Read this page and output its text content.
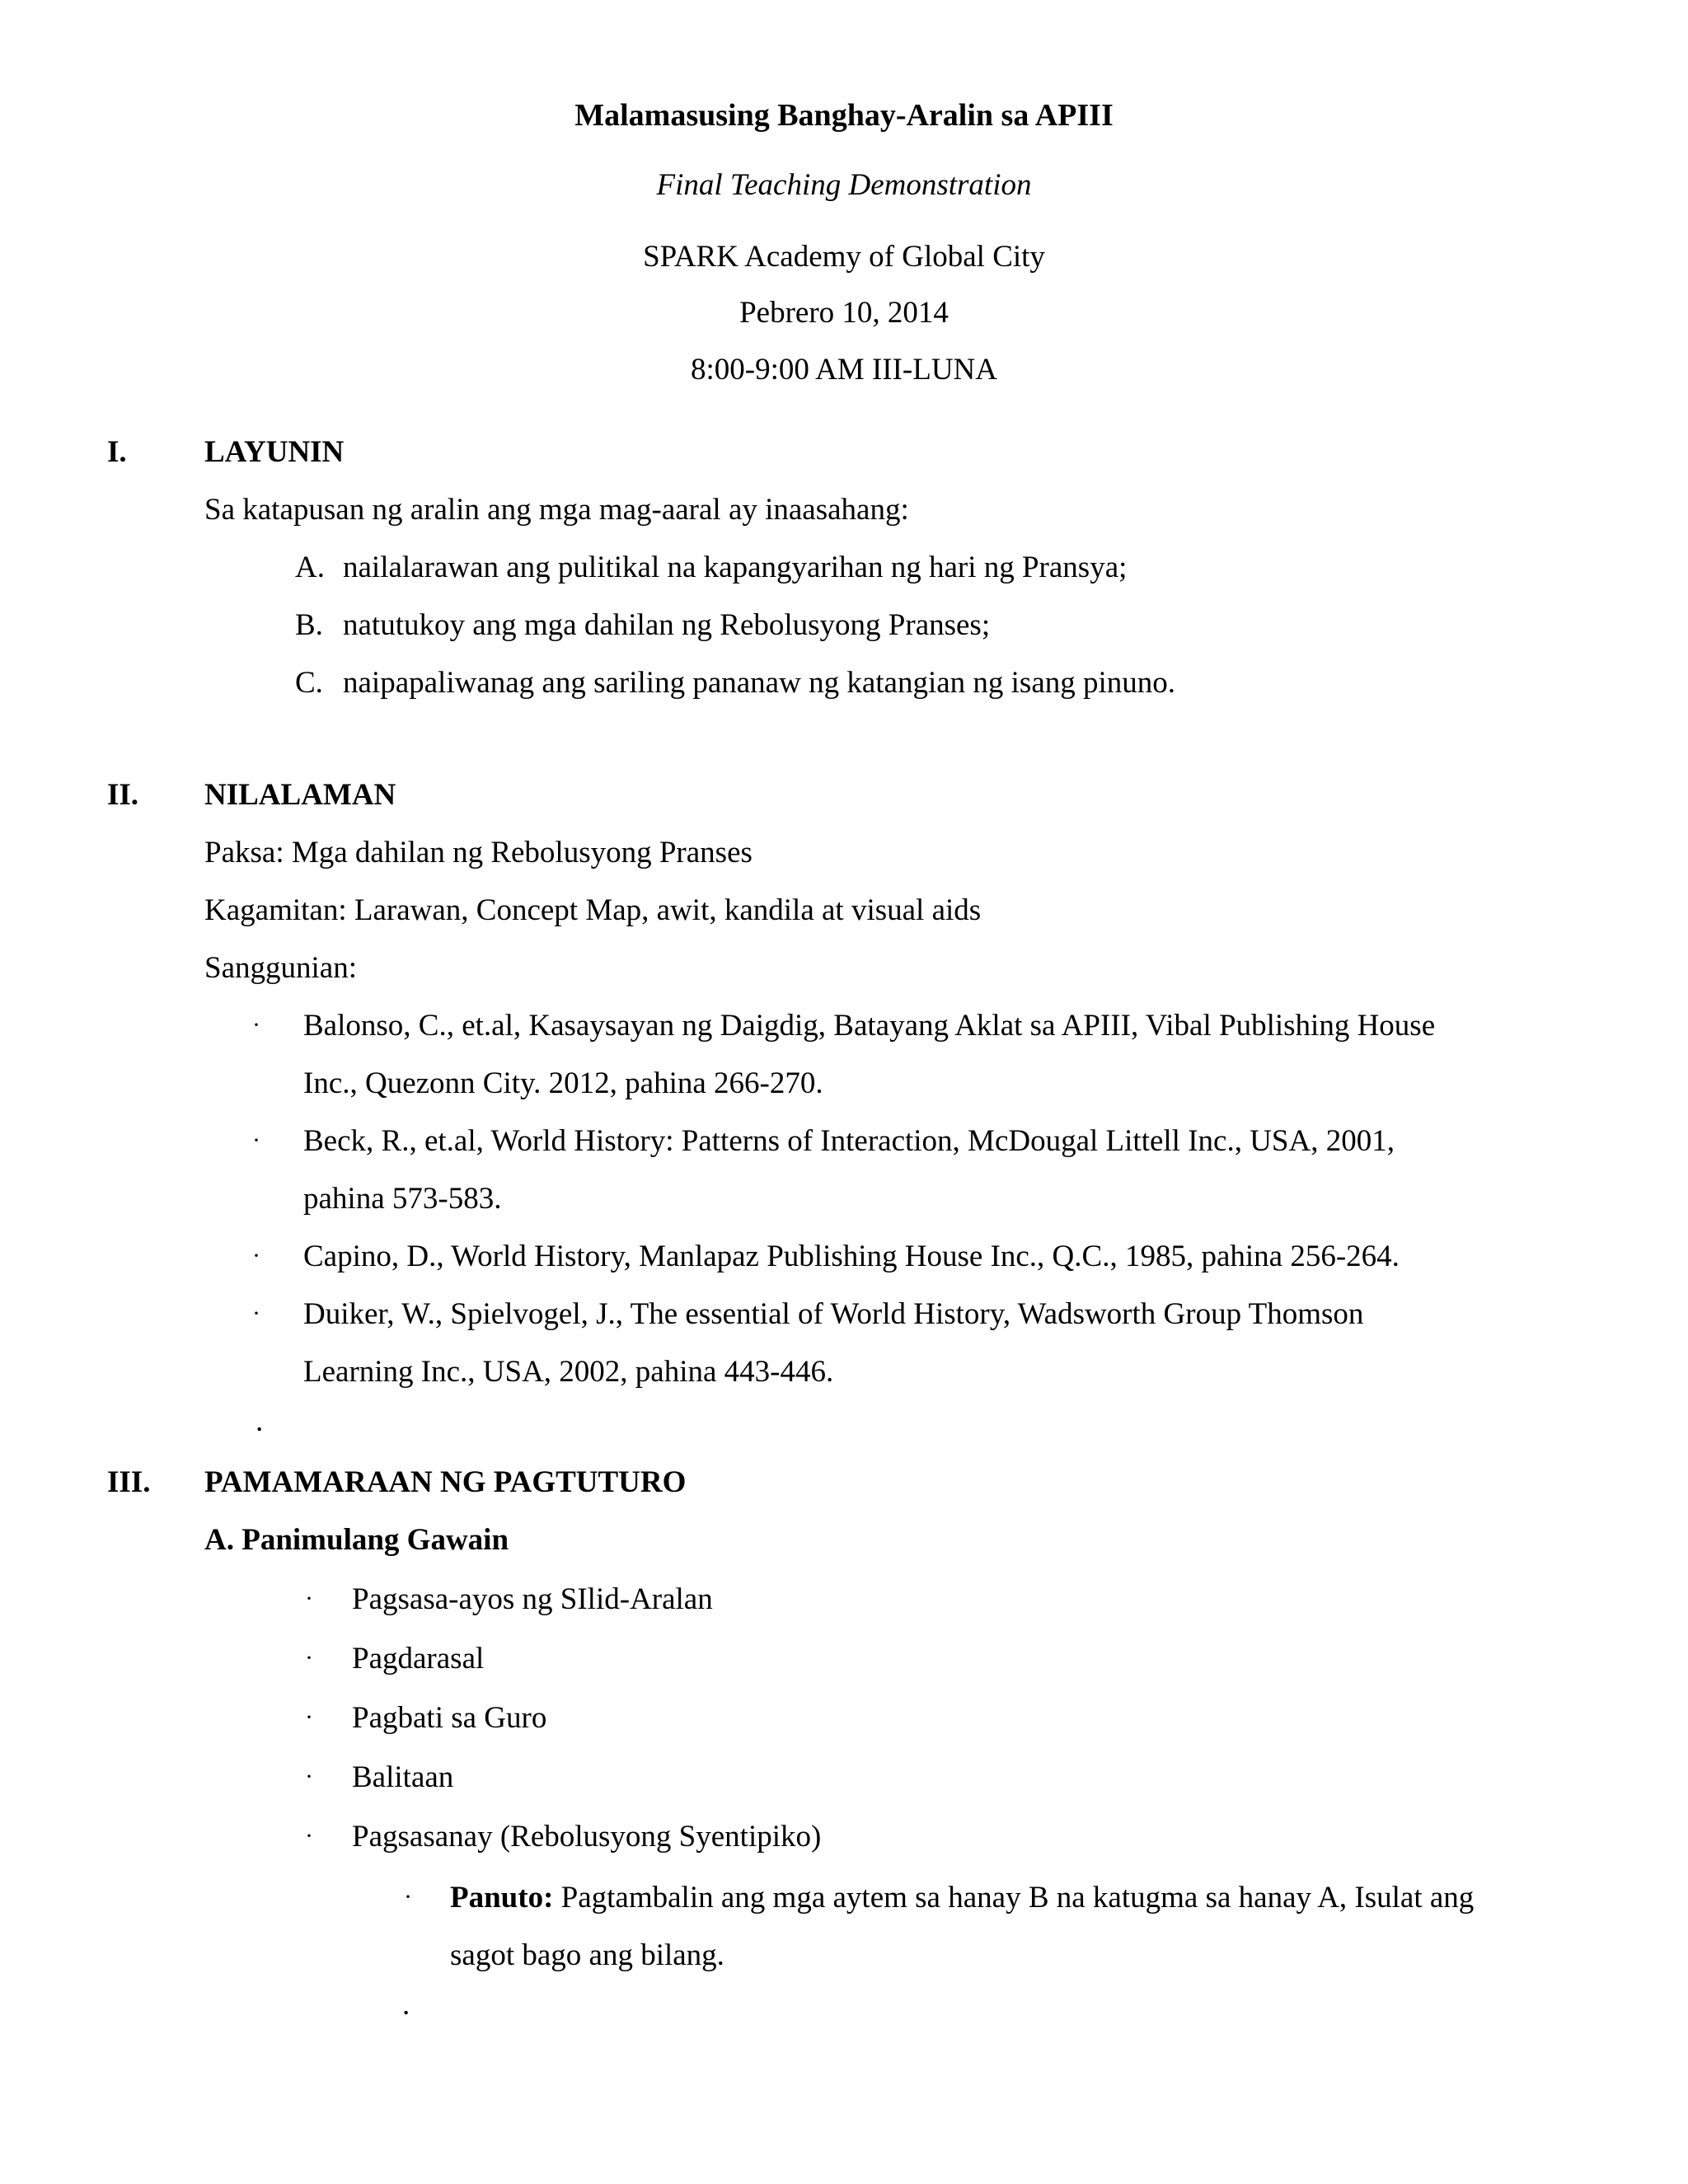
Malamasusing Banghay-Aralin sa APIII
Final Teaching Demonstration
SPARK Academy of Global City
Pebrero 10, 2014
8:00-9:00 AM III-LUNA
I.	LAYUNIN
Sa katapusan ng aralin ang mga mag-aaral ay inaasahang:
A. nailalarawan ang pulitikal na kapangyarihan ng hari ng Pransya;
B. natutukoy ang mga dahilan ng Rebolusyong Pranses;
C. naipapaliwanag ang sariling pananaw ng katangian ng isang pinuno.
II. NILALAMAN
Paksa: Mga dahilan ng Rebolusyong Pranses
Kagamitan: Larawan, Concept Map, awit, kandila at visual aids
Sanggunian:
· Balonso, C., et.al, Kasaysayan ng Daigdig, Batayang Aklat sa APIII, Vibal Publishing House
Inc., Quezonn City. 2012, pahina 266-270.
· Beck, R., et.al, World History: Patterns of Interaction, McDougal Littell Inc., USA, 2001,
pahina 573-583.
· Capino, D., World History, Manlapaz Publishing House Inc., Q.C., 1985, pahina 256-264.
· Duiker, W., Spielvogel, J., The essential of World History, Wadsworth Group Thomson
Learning Inc., USA, 2002, pahina 443-446.
.
III. PAMAMARAAN NG PAGTUTURO
A. Panimulang Gawain
· Pagsasa-ayos ng SIlid-Aralan
· Pagdarasal
· Pagbati sa Guro
· Balitaan
· Pagsasanay (Rebolusyong Syentipiko)
· Panuto: Pagtambalin ang mga aytem sa hanay B na katugma sa hanay A, Isulat ang
sagot bago ang bilang.
.
